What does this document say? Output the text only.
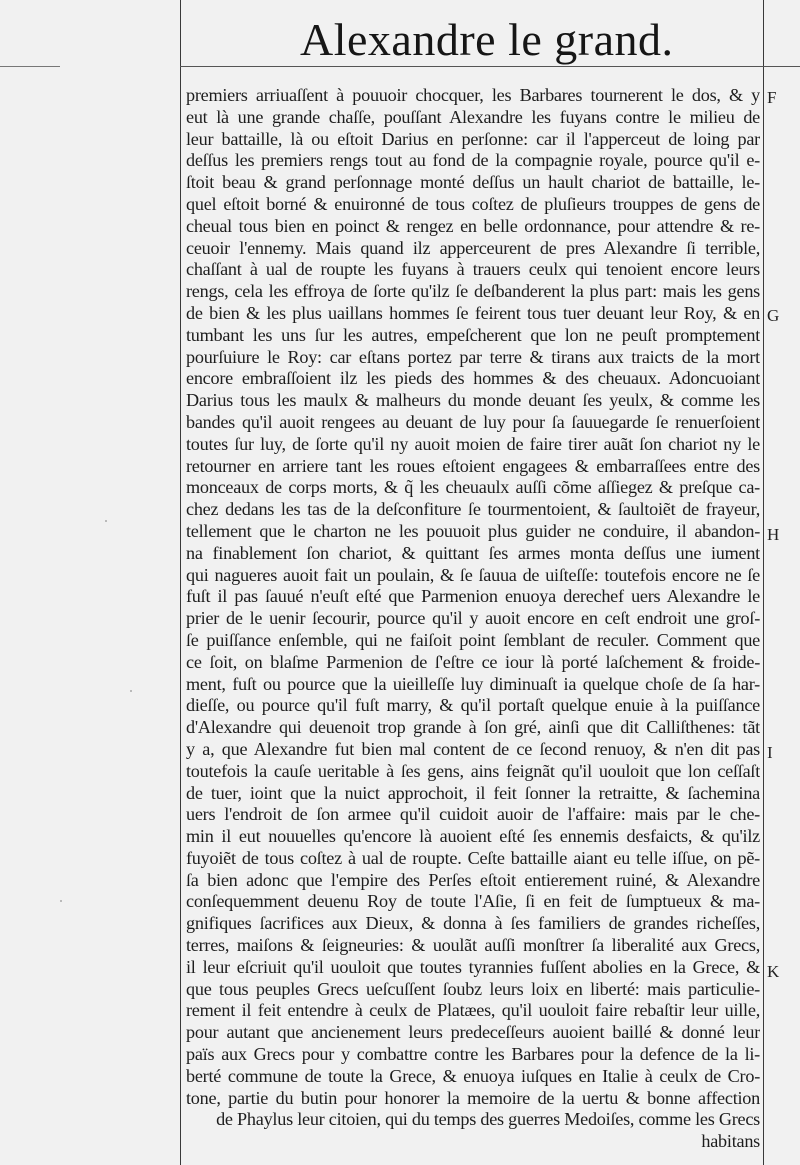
Alexandre le grand.
premiers arriuaſſent à pouuoir chocquer, les Barbares tournerent le dos, & y
eut là une grande chaſſe, pouſſant Alexandre les fuyans contre le milieu de
leur battaille, là ou eſtoit Darius en perſonne: car il l'apperceut de loing par
deſſus les premiers rengs tout au fond de la compagnie royale, pource qu'il e-
ſtoit beau & grand perſonnage monté deſſus un hault chariot de battaille, le-
quel eſtoit borné & enuironné de tous coſtez de pluſieurs trouppes de gens de
cheual tous bien en poinct & rengez en belle ordonnance, pour attendre & re-
ceuoir l'ennemy. Mais quand ilz apperceurent de pres Alexandre ſi terrible,
chaſſant à ual de roupte les fuyans à trauers ceulx qui tenoient encore leurs
rengs, cela les effroya de ſorte qu'ilz ſe deſbanderent la plus part: mais les gens
de bien & les plus uaillans hommes ſe feirent tous tuer deuant leur Roy, & en
tumbant les uns ſur les autres, empeſcherent que lon ne peuſt promptement
pourſuiure le Roy: car eſtans portez par terre & tirans aux traicts de la mort
encore embraſſoient ilz les pieds des hommes & des cheuaux. Adoncuoiant
Darius tous les maulx & malheurs du monde deuant ſes yeulx, & comme les
bandes qu'il auoit rengees au deuant de luy pour ſa ſauuegarde ſe renuerſoient
toutes ſur luy, de ſorte qu'il ny auoit moien de faire tirer auãt ſon chariot ny le
retourner en arriere tant les roues eſtoient engagees & embarraſſees entre des
monceaux de corps morts, & q̃ les cheuaulx auſſi cõme aſſiegez & preſque ca-
chez dedans les tas de la deſconfiture ſe tourmentoient, & ſaultoiẽt de frayeur,
tellement que le charton ne les pouuoit plus guider ne conduire, il abandon-
na finablement ſon chariot, & quittant ſes armes monta deſſus une iument
qui nagueres auoit fait un poulain, & ſe ſauua de uiſteſſe: toutefois encore ne ſe
fuſt il pas ſauué n'euſt eſté que Parmenion enuoya derechef uers Alexandre le
prier de le uenir ſecourir, pource qu'il y auoit encore en ceſt endroit une groſ-
ſe puiſſance enſemble, qui ne faiſoit point ſemblant de reculer. Comment que
ce ſoit, on blaſme Parmenion de ſ'eſtre ce iour là porté laſchement & froide-
ment, fuſt ou pource que la uieilleſſe luy diminuaſt ia quelque choſe de ſa har-
dieſſe, ou pource qu'il fuſt marry, & qu'il portaſt quelque enuie à la puiſſance
d'Alexandre qui deuenoit trop grande à ſon gré, ainſi que dit Calliſthenes: tãt
y a, que Alexandre fut bien mal content de ce ſecond renuoy, & n'en dit pas
toutefois la cauſe ueritable à ſes gens, ains feignãt qu'il uouloit que lon ceſſaſt
de tuer, ioint que la nuict approchoit, il feit ſonner la retraitte, & ſachemina
uers l'endroit de ſon armee qu'il cuidoit auoir de l'affaire: mais par le che-
min il eut nouuelles qu'encore là auoient eſté ſes ennemis desfaicts, & qu'ilz
fuyoiẽt de tous coſtez à ual de roupte. Ceſte battaille aiant eu telle iſſue, on pẽ-
ſa bien adonc que l'empire des Perſes eſtoit entierement ruiné, & Alexandre
conſequemment deuenu Roy de toute l'Aſie, ſi en feit de ſumptueux & ma-
gnifiques ſacrifices aux Dieux, & donna à ſes familiers de grandes richeſſes,
terres, maiſons & ſeigneuries: & uoulãt auſſi monſtrer ſa liberalité aux Grecs,
il leur eſcriuit qu'il uouloit que toutes tyrannies fuſſent abolies en la Grece, &
que tous peuples Grecs ueſcuſſent ſoubz leurs loix en liberté: mais particulie-
rement il feit entendre à ceulx de Platæes, qu'il uouloit faire rebaſtir leur uille,
pour autant que ancienement leurs predeceſſeurs auoient baillé & donné leur
païs aux Grecs pour y combattre contre les Barbares pour la defence de la li-
berté commune de toute la Grece, & enuoya iuſques en Italie à ceulx de Cro-
tone, partie du butin pour honorer la memoire de la uertu & bonne affection
de Phaylus leur citoien, qui du temps des guerres Medoiſes, comme les Grecs
habitans
F
G
H
I
K
